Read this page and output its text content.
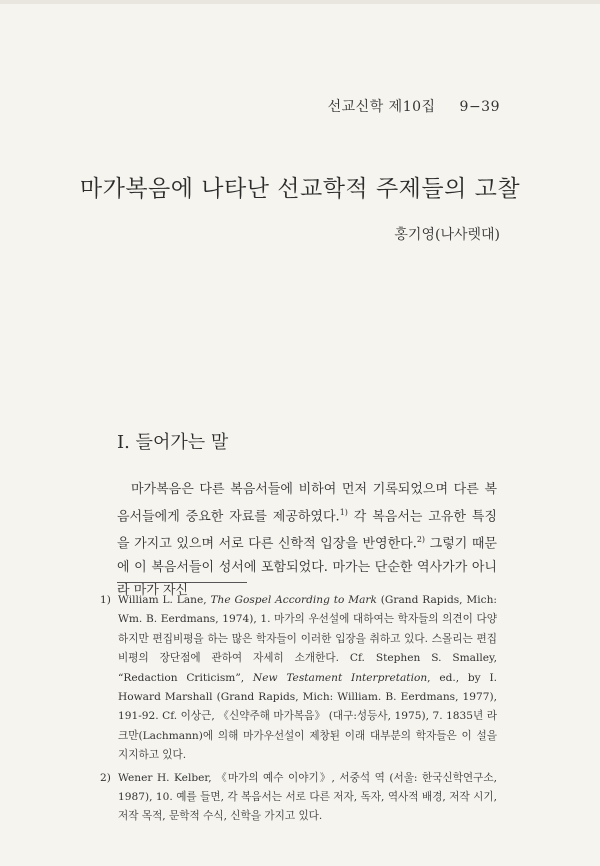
선교신학 제10집 9−39
마가복음에 나타난 선교학적 주제들의 고찰
홍기영(나사렛대)
I. 들어가는 말

마가복음은 다른 복음서들에 비하여 먼저 기록되었으며 다른 복음서들에게 중요한 자료를 제공하였다.$^{1)}$ 각 복음서는 고유한 특징을 가지고 있으며 서로 다른 신학적 입장을 반영한다.$^{2)}$ 그렇기 때문에 이 복음서들이 성서에 포함되었다. 마가는 단순한 역사가가 아니라 마가 자신

1) William L. Lane, The Gospel According to Mark (Grand Rapids, Mich: Wm. B. Eerdmans, 1974), 1. 마가의 우선설에 대하여는 학자들의 의견이 다양하지만 편집비평을 하는 많은 학자들이 이러한 입장을 취하고 있다. 스몰리는 편집비평의 장단점에 관하여 자세히 소개한다. Cf. Stephen S. Smalley, “Redaction Criticism”, New Testament Interpretation, ed., by I. Howard Marshall (Grand Rapids, Mich: William. B. Eerdmans, 1977), 191-92. Cf. 이상근, 《신약주해 마가복음》 (대구:성등사, 1975), 7. 1835년 라크만(Lachmann)에 의해 마가우선설이 제창된 이래 대부분의 학자들은 이 설을 지지하고 있다.
2) Wener H. Kelber, 《마가의 예수 이야기》, 서중석 역 (서울: 한국신학연구소, 1987), 10. 예를 들면, 각 복음서는 서로 다른 저자, 독자, 역사적 배경, 저작 시기, 저작 목적, 문학적 수식, 신학을 가지고 있다.
